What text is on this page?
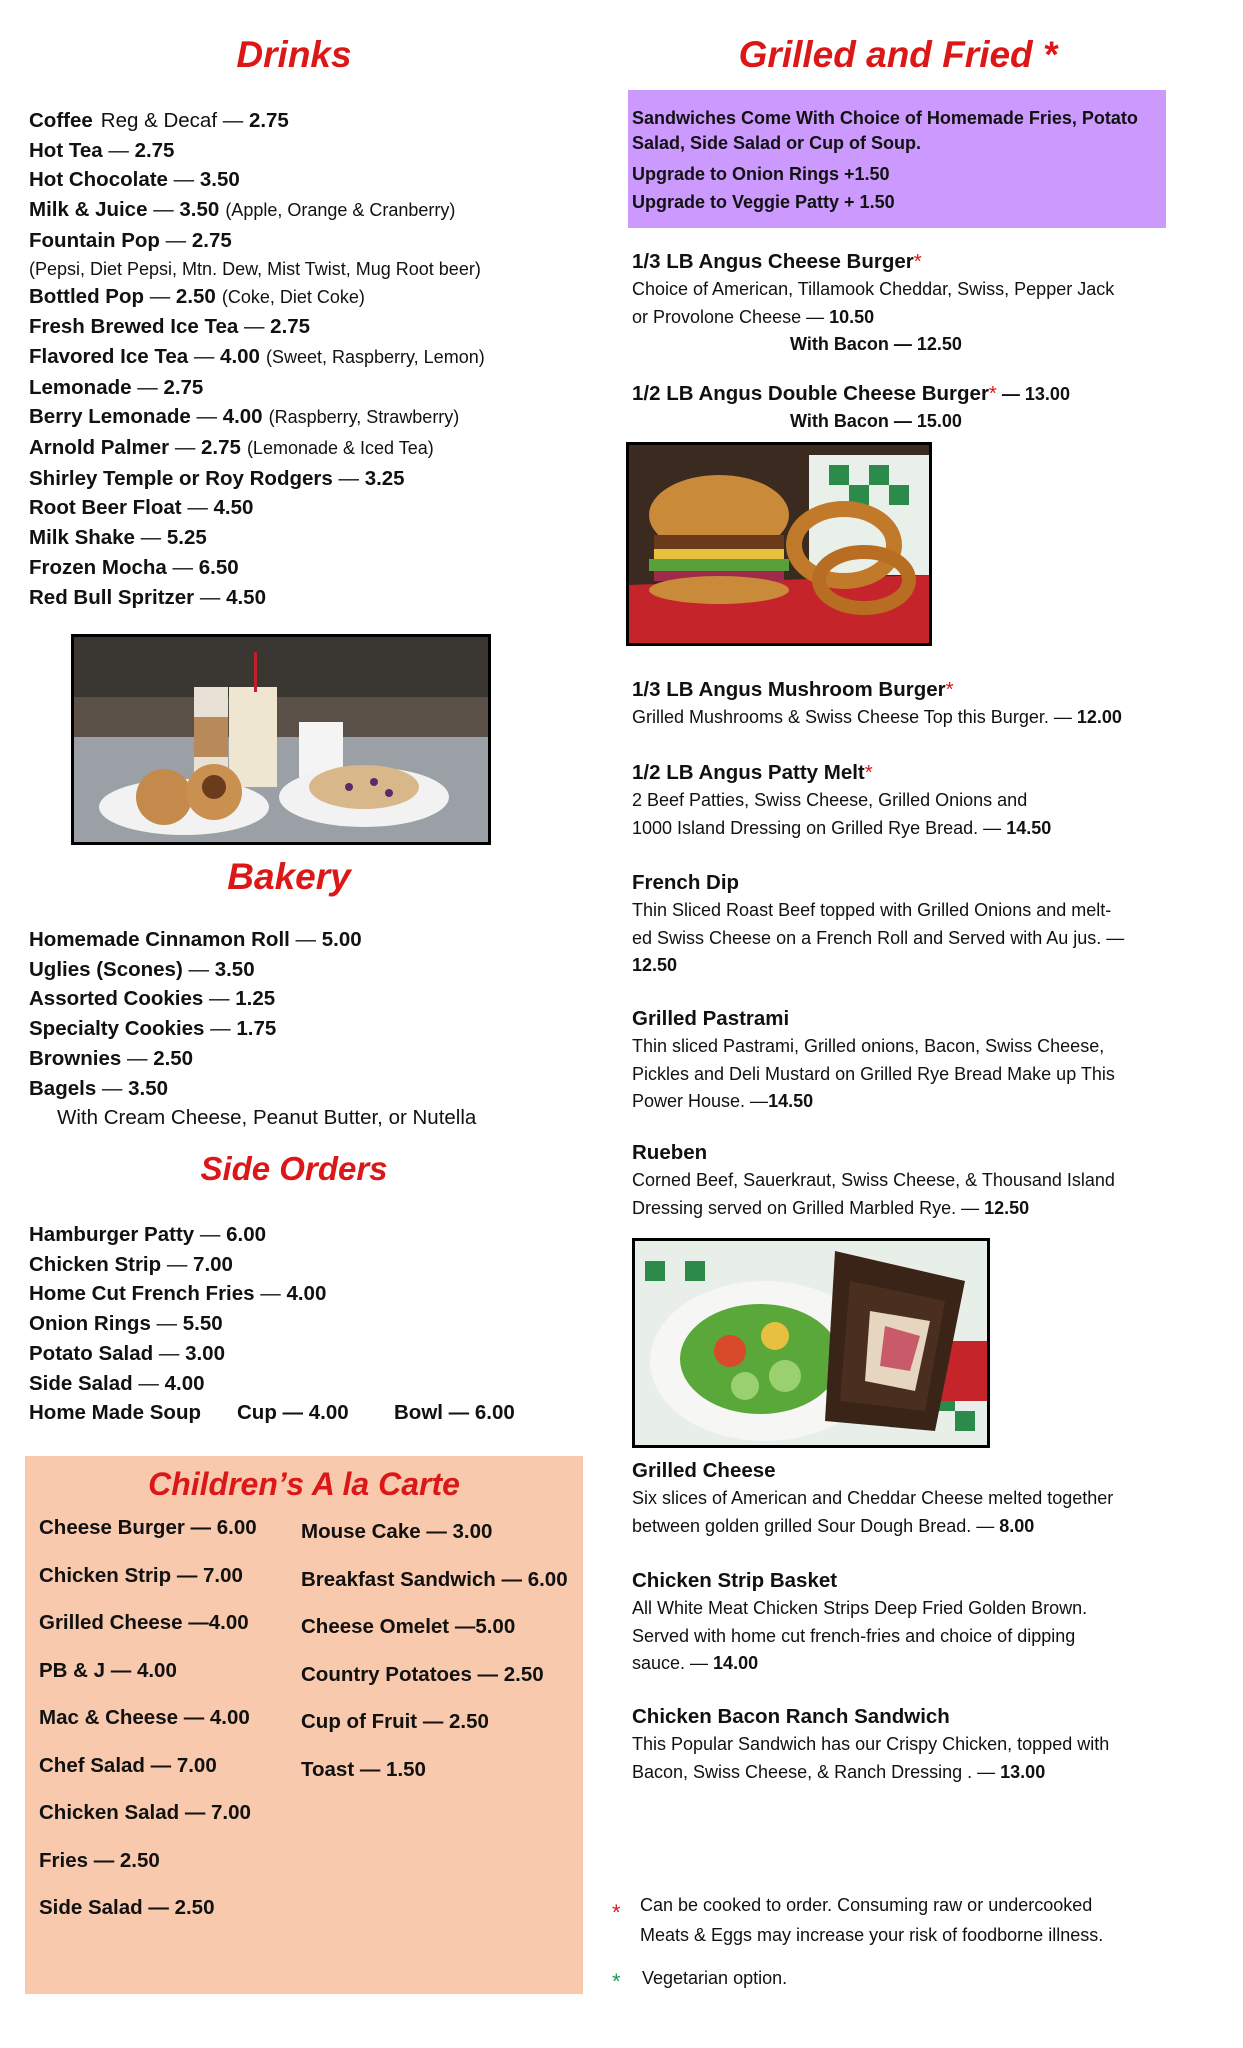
Drinks
Coffee Reg & Decaf — 2.75
Hot Tea — 2.75
Hot Chocolate — 3.50
Milk & Juice — 3.50 (Apple, Orange & Cranberry)
Fountain Pop — 2.75
(Pepsi, Diet Pepsi, Mtn. Dew, Mist Twist, Mug Root beer)
Bottled Pop — 2.50 (Coke, Diet Coke)
Fresh Brewed Ice Tea — 2.75
Flavored Ice Tea — 4.00 (Sweet, Raspberry, Lemon)
Lemonade — 2.75
Berry Lemonade — 4.00 (Raspberry, Strawberry)
Arnold Palmer — 2.75 (Lemonade & Iced Tea)
Shirley Temple or Roy Rodgers — 3.25
Root Beer Float — 4.50
Milk Shake — 5.25
Frozen Mocha — 6.50
Red Bull Spritzer — 4.50
Bakery
Homemade Cinnamon Roll — 5.00
Uglies (Scones) — 3.50
Assorted Cookies — 1.25
Specialty Cookies — 1.75
Brownies — 2.50
Bagels — 3.50
With Cream Cheese, Peanut Butter, or Nutella
Side Orders
Hamburger Patty — 6.00
Chicken Strip — 7.00
Home Cut French Fries — 4.00
Onion Rings — 5.50
Potato Salad — 3.00
Side Salad — 4.00
Home Made Soup Cup — 4.00 Bowl — 6.00
Children’s A la Carte
Cheese Burger — 6.00
Chicken Strip — 7.00
Grilled Cheese —4.00
PB & J — 4.00
Mac & Cheese — 4.00
Chef Salad — 7.00
Chicken Salad — 7.00
Fries — 2.50
Side Salad — 2.50
Mouse Cake — 3.00
Breakfast Sandwich — 6.00
Cheese Omelet —5.00
Country Potatoes — 2.50
Cup of Fruit — 2.50
Toast — 1.50
Grilled and Fried *
Sandwiches Come With Choice of Homemade Fries, Potato
Salad, Side Salad or Cup of Soup.
Upgrade to Onion Rings +1.50
Upgrade to Veggie Patty + 1.50
1/3 LB Angus Cheese Burger*
Choice of American, Tillamook Cheddar, Swiss, Pepper Jack
or Provolone Cheese — 10.50
With Bacon — 12.50
1/2 LB Angus Double Cheese Burger* — 13.00
With Bacon — 15.00
1/3 LB Angus Mushroom Burger*
Grilled Mushrooms & Swiss Cheese Top this Burger. — 12.00
1/2 LB Angus Patty Melt*
2 Beef Patties, Swiss Cheese, Grilled Onions and
1000 Island Dressing on Grilled Rye Bread. — 14.50
French Dip
Thin Sliced Roast Beef topped with Grilled Onions and melt-
ed Swiss Cheese on a French Roll and Served with Au jus. —
12.50
Grilled Pastrami
Thin sliced Pastrami, Grilled onions, Bacon, Swiss Cheese,
Pickles and Deli Mustard on Grilled Rye Bread Make up This
Power House. —14.50
Rueben
Corned Beef, Sauerkraut, Swiss Cheese, & Thousand Island
Dressing served on Grilled Marbled Rye. — 12.50
Grilled Cheese
Six slices of American and Cheddar Cheese melted together
between golden grilled Sour Dough Bread. — 8.00
Chicken Strip Basket
All White Meat Chicken Strips Deep Fried Golden Brown.
Served with home cut french-fries and choice of dipping
sauce. — 14.00
Chicken Bacon Ranch Sandwich
This Popular Sandwich has our Crispy Chicken, topped with
Bacon, Swiss Cheese, & Ranch Dressing . — 13.00
*	Can be cooked to order. Consuming raw or undercooked
Meats & Eggs may increase your risk of foodborne illness.
*	Vegetarian option.
